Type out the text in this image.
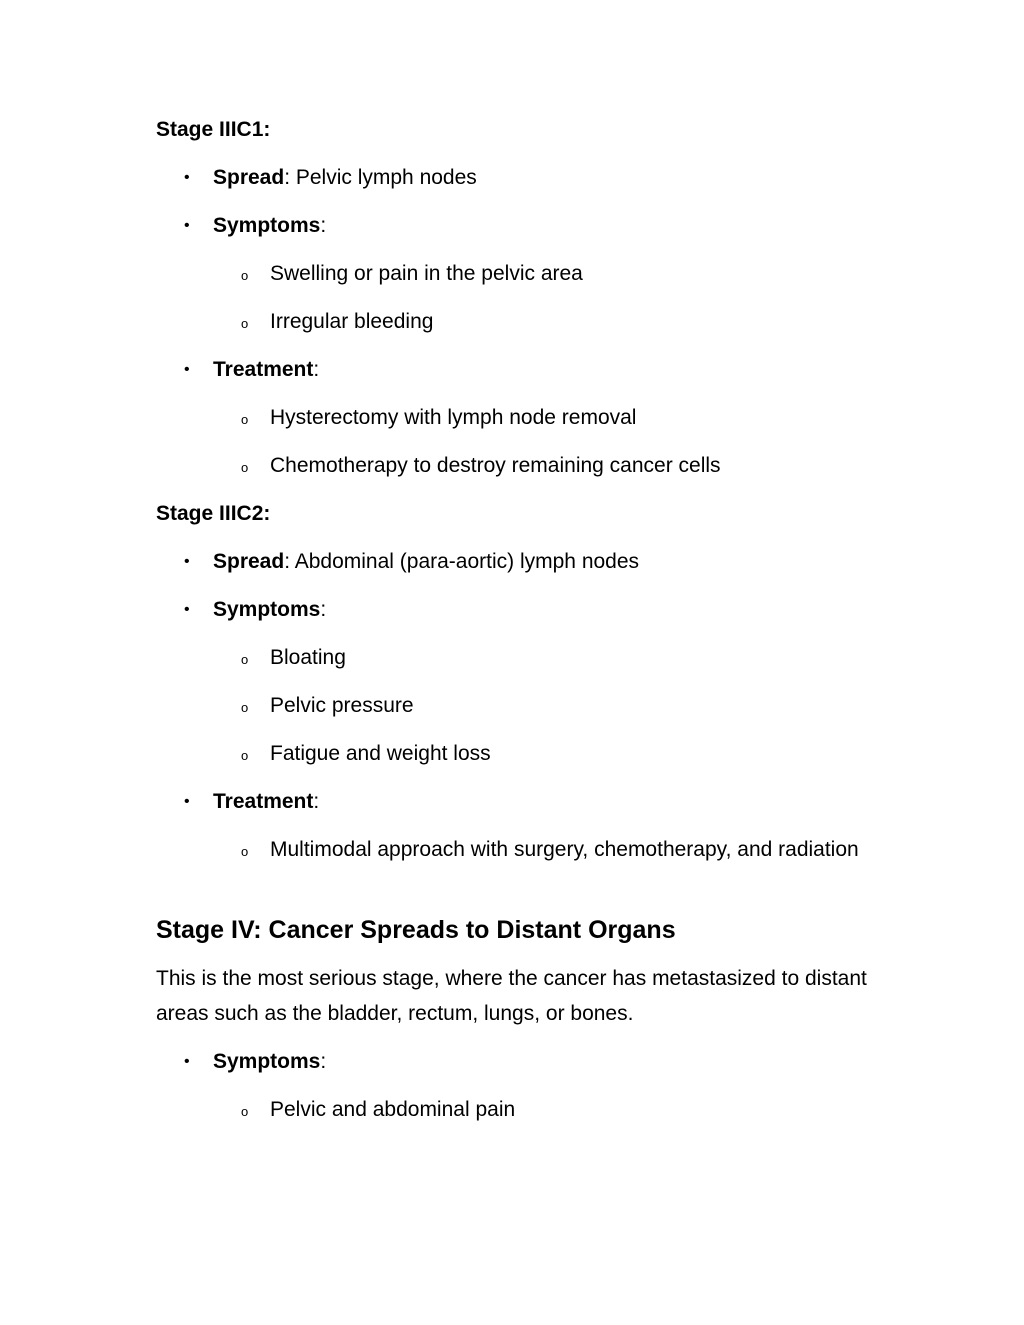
Stage IIIC1:
• Spread: Pelvic lymph nodes
• Symptoms:
o Swelling or pain in the pelvic area
o Irregular bleeding
• Treatment:
o Hysterectomy with lymph node removal
o Chemotherapy to destroy remaining cancer cells
Stage IIIC2:
• Spread: Abdominal (para-aortic) lymph nodes
• Symptoms:
o Bloating
o Pelvic pressure
o Fatigue and weight loss
• Treatment:
o Multimodal approach with surgery, chemotherapy, and radiation
Stage IV: Cancer Spreads to Distant Organs

This is the most serious stage, where the cancer has metastasized to distant areas such as the bladder, rectum, lungs, or bones.

• Symptoms:
o Pelvic and abdominal pain
